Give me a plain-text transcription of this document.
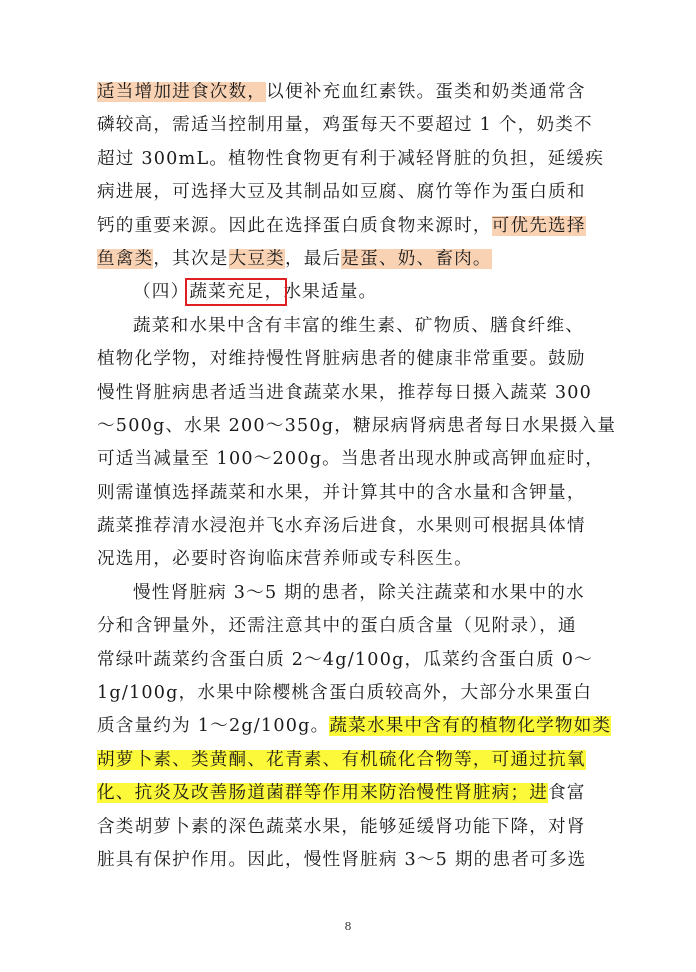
适当增加进食次数，以便补充血红素铁。蛋类和奶类通常含
磷较高，需适当控制用量，鸡蛋每天不要超过 1 个，奶类不
超过 300mL。植物性食物更有利于减轻肾脏的负担，延缓疾
病进展，可选择大豆及其制品如豆腐、腐竹等作为蛋白质和
钙的重要来源。因此在选择蛋白质食物来源时，可优先选择
鱼禽类，其次是大豆类，最后是蛋、奶、畜肉。
（四）蔬菜充足，水果适量。
蔬菜和水果中含有丰富的维生素、矿物质、膳食纤维、
植物化学物，对维持慢性肾脏病患者的健康非常重要。鼓励
慢性肾脏病患者适当进食蔬菜水果，推荐每日摄入蔬菜 300
～500g、水果 200～350g，糖尿病肾病患者每日水果摄入量
可适当减量至 100～200g。当患者出现水肿或高钾血症时，
则需谨慎选择蔬菜和水果，并计算其中的含水量和含钾量，
蔬菜推荐清水浸泡并飞水弃汤后进食，水果则可根据具体情
况选用，必要时咨询临床营养师或专科医生。
慢性肾脏病 3～5 期的患者，除关注蔬菜和水果中的水
分和含钾量外，还需注意其中的蛋白质含量（见附录），通
常绿叶蔬菜约含蛋白质 2～4g/100g，瓜菜约含蛋白质 0～
1g/100g，水果中除樱桃含蛋白质较高外，大部分水果蛋白
质含量约为 1～2g/100g。蔬菜水果中含有的植物化学物如类
胡萝卜素、类黄酮、花青素、有机硫化合物等，可通过抗氧
化、抗炎及改善肠道菌群等作用来防治慢性肾脏病；进食富
含类胡萝卜素的深色蔬菜水果，能够延缓肾功能下降，对肾
脏具有保护作用。因此，慢性肾脏病 3～5 期的患者可多选
8
